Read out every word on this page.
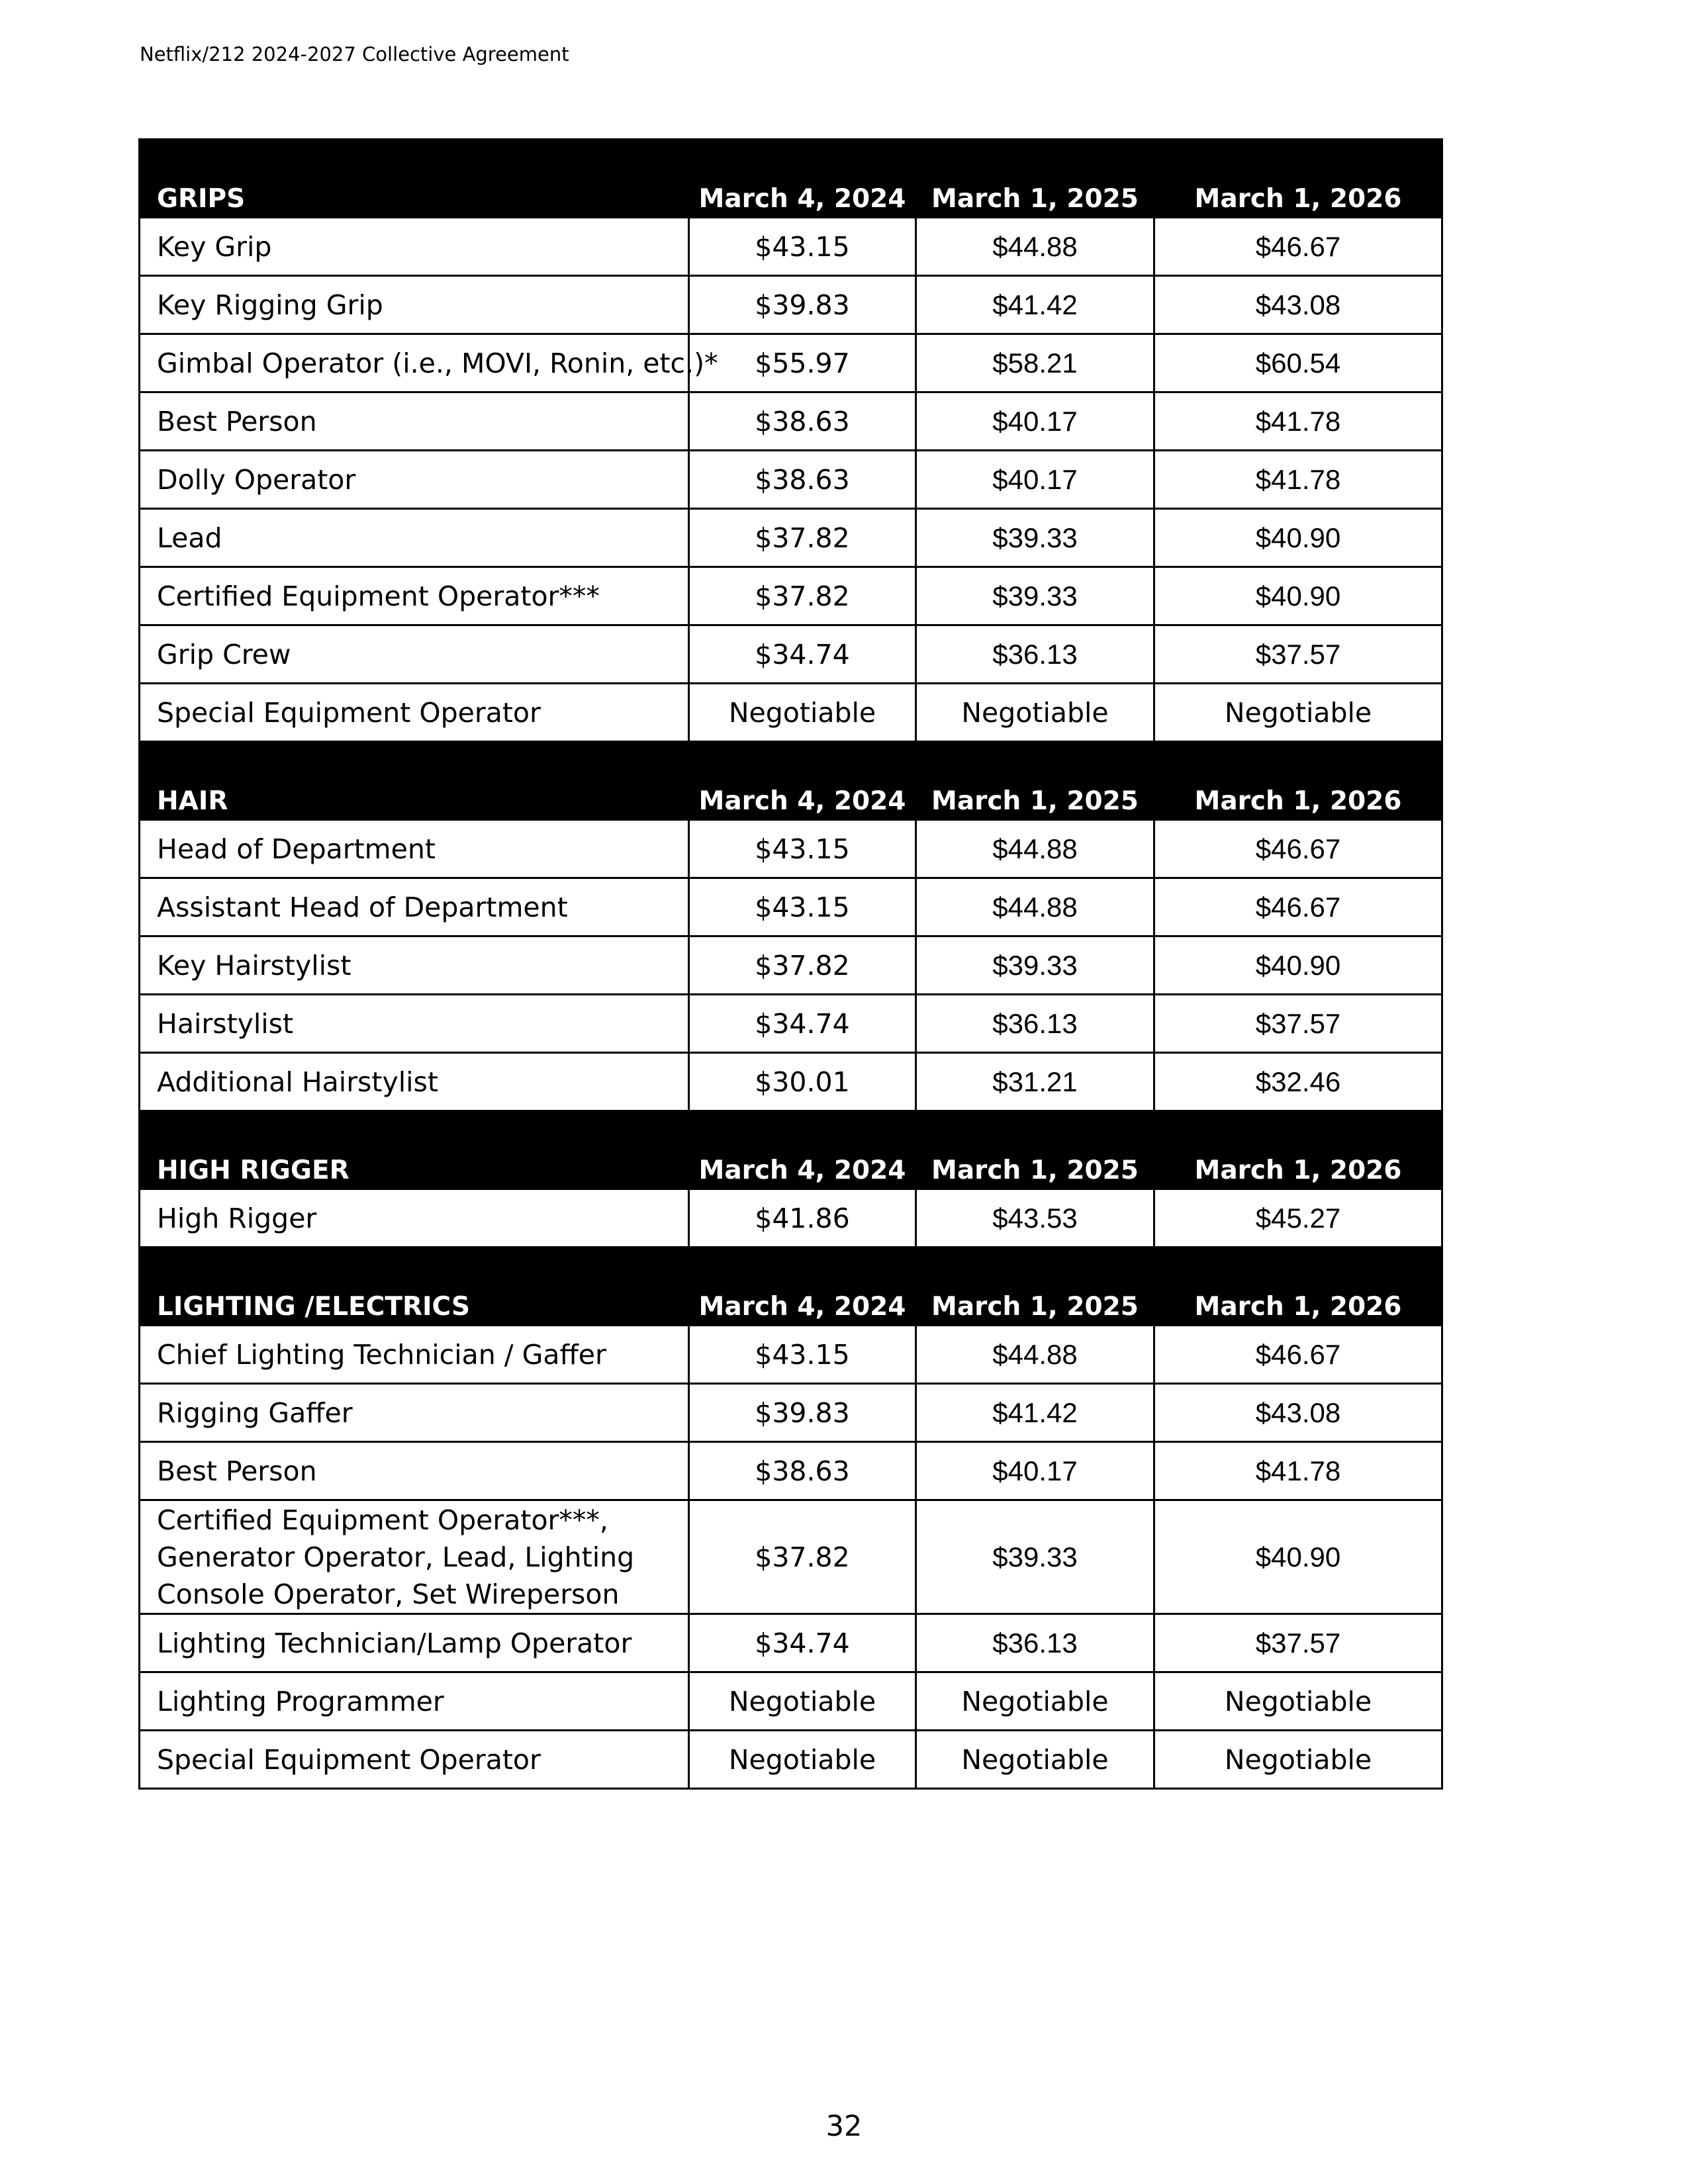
Netflix/212 2024-2027 Collective Agreement
GRIPS	March 4, 2024	March 1, 2025	March 1, 2026
Key Grip	$43.15	$44.88	$46.67
Key Rigging Grip	$39.83	$41.42	$43.08
Gimbal Operator (i.e., MOVI, Ronin, etc.)*	$55.97	$58.21	$60.54
Best Person	$38.63	$40.17	$41.78
Dolly Operator	$38.63	$40.17	$41.78
Lead	$37.82	$39.33	$40.90
Certified Equipment Operator***	$37.82	$39.33	$40.90
Grip Crew	$34.74	$36.13	$37.57
Special Equipment Operator	Negotiable	Negotiable	Negotiable
HAIR	March 4, 2024	March 1, 2025	March 1, 2026
Head of Department	$43.15	$44.88	$46.67
Assistant Head of Department	$43.15	$44.88	$46.67
Key Hairstylist	$37.82	$39.33	$40.90
Hairstylist	$34.74	$36.13	$37.57
Additional Hairstylist	$30.01	$31.21	$32.46
HIGH RIGGER	March 4, 2024	March 1, 2025	March 1, 2026
High Rigger	$41.86	$43.53	$45.27
LIGHTING /ELECTRICS	March 4, 2024	March 1, 2025	March 1, 2026
Chief Lighting Technician / Gaffer	$43.15	$44.88	$46.67
Rigging Gaffer	$39.83	$41.42	$43.08
Best Person	$38.63	$40.17	$41.78

Certified Equipment Operator***,
Generator Operator, Lead, Lighting
Console Operator, Set Wireperson	$37.82	$39.33	$40.90
Lighting Technician/Lamp Operator	$34.74	$36.13	$37.57
Lighting Programmer	Negotiable	Negotiable	Negotiable
Special Equipment Operator	Negotiable	Negotiable	Negotiable
32
